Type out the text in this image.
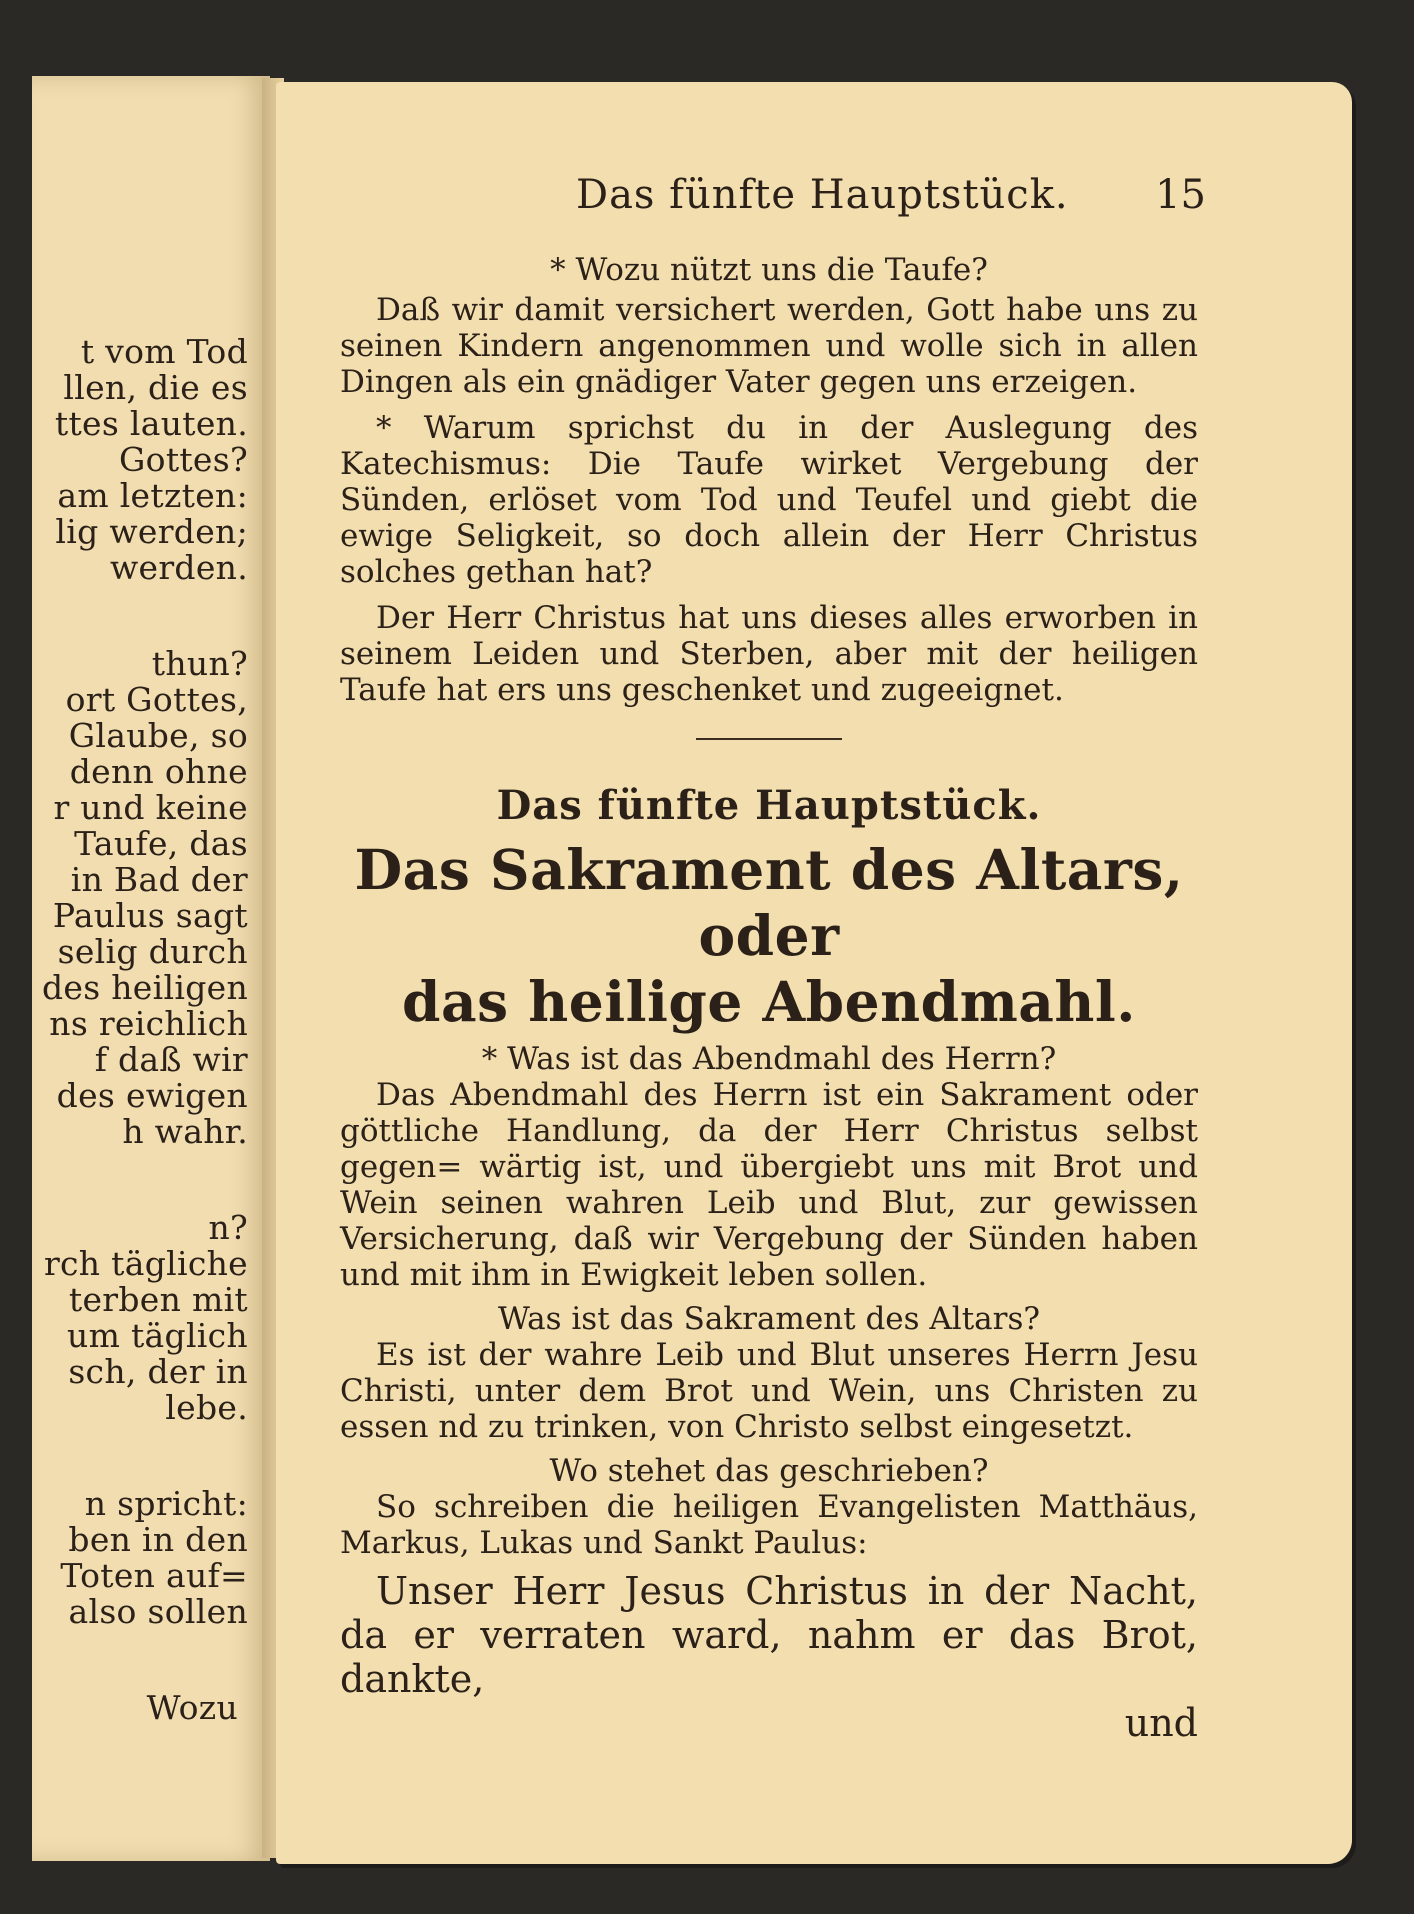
t vom Tod
llen, die es
ttes lauten.
Gottes?
am letzten:
lig werden;
werden.
thun?
ort Gottes,
Glaube, so
denn ohne
r und keine
Taufe, das
in Bad der
Paulus sagt
selig durch
des heiligen
ns reichlich
f daß wir
des ewigen
h wahr.
n?
rch tägliche
terben mit
um täglich
sch, der in
lebe.
n spricht:
ben in den
Toten auf=
also sollen
Wozu
Das fünfte Hauptstück. 15
* Wozu nützt uns die Taufe?
Daß wir damit versichert werden, Gott habe uns zu seinen Kindern angenommen und wolle sich in allen Dingen als ein gnädiger Vater gegen uns erzeigen.
* Warum sprichst du in der Auslegung des Katechismus: Die Taufe wirket Vergebung der Sünden, erlöset vom Tod und Teufel und giebt die ewige Seligkeit, so doch allein der Herr Christus solches gethan hat?
Der Herr Christus hat uns dieses alles erworben in seinem Leiden und Sterben, aber mit der heiligen Taufe hat ers uns geschenket und zugeeignet.
Das fünfte Hauptstück.
Das Sakrament des Altars, oder
das heilige Abendmahl.
* Was ist das Abendmahl des Herrn?
Das Abendmahl des Herrn ist ein Sakrament oder göttliche Handlung, da der Herr Christus selbst gegen= wärtig ist, und übergiebt uns mit Brot und Wein seinen wahren Leib und Blut, zur gewissen Versicherung, daß wir Vergebung der Sünden haben und mit ihm in Ewigkeit leben sollen.
Was ist das Sakrament des Altars?
Es ist der wahre Leib und Blut unseres Herrn Jesu Christi, unter dem Brot und Wein, uns Christen zu essen nd zu trinken, von Christo selbst eingesetzt.
Wo stehet das geschrieben?
So schreiben die heiligen Evangelisten Matthäus, Markus, Lukas und Sankt Paulus:
Unser Herr Jesus Christus in der Nacht, da er verraten ward, nahm er das Brot, dankte,
und
